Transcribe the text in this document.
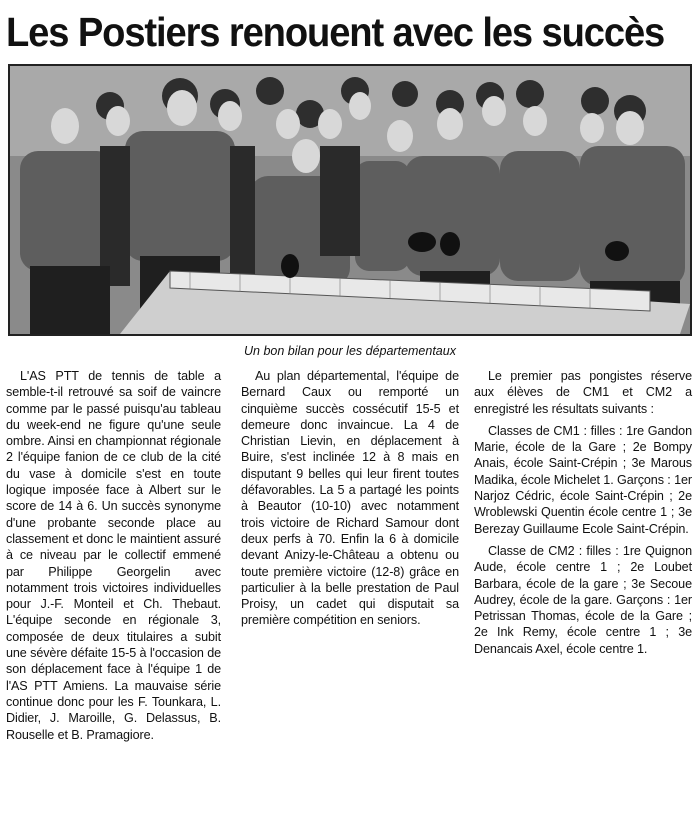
Les Postiers renouent avec les succès
Un bon bilan pour les départementaux

L'AS PTT de tennis de table a semble-t-il retrouvé sa soif de vaincre comme par le passé puisqu'au tableau du week-end ne figure qu'une seule ombre. Ainsi en championnat régionale 2 l'équipe fanion de ce club de la cité du vase à domicile s'est en toute logique imposée face à Albert sur le score de 14 à 6. Un succès synonyme d'une probante seconde place au classement et donc le maintient assuré à ce niveau par le collectif emmené par Philippe Georgelin avec notamment trois victoires individuelles pour J.-F. Monteil et Ch. Thebaut. L'équipe seconde en régionale 3, composée de deux titulaires a subit une sévère défaite 15-5 à l'occasion de son déplacement face à l'équipe 1 de l'AS PTT Amiens. La mauvaise série continue donc pour les F. Tounkara, L. Didier, J. Maroille, G. Delassus, B. Rouselle et B. Pramagiore.

Au plan départemental, l'équipe de Bernard Caux ou remporté un cinquième succès cossécutif 15-5 et demeure donc invaincue. La 4 de Christian Lievin, en déplacement à Buire, s'est inclinée 12 à 8 mais en disputant 9 belles qui leur firent toutes défavorables. La 5 a partagé les points à Beautor (10-10) avec notamment trois victoire de Richard Samour dont deux perfs à 70. Enfin la 6 à domicile devant Anizy-le-Château a obtenu ou toute première victoire (12-8) grâce en particulier à la belle prestation de Paul Proisy, un cadet qui disputait sa première compétition en seniors.

Le premier pas pongistes réserve aux élèves de CM1 et CM2 a enregistré les résultats suivants :

Classes de CM1 : filles : 1re Gandon Marie, école de la Gare ; 2e Bompy Anais, école Saint-Crépin ; 3e Marous Madika, école Michelet 1. Garçons : 1er Narjoz Cédric, école Saint-Crépin ; 2e Wroblewski Quentin école centre 1 ; 3e Berezay Guillaume Ecole Saint-Crépin.

Classe de CM2 : filles : 1re Quignon Aude, école centre 1 ; 2e Loubet Barbara, école de la gare ; 3e Secoue Audrey, école de la gare. Garçons : 1er Petrissan Thomas, école de la Gare ; 2e Ink Remy, école centre 1 ; 3e Denancais Axel, école centre 1.
